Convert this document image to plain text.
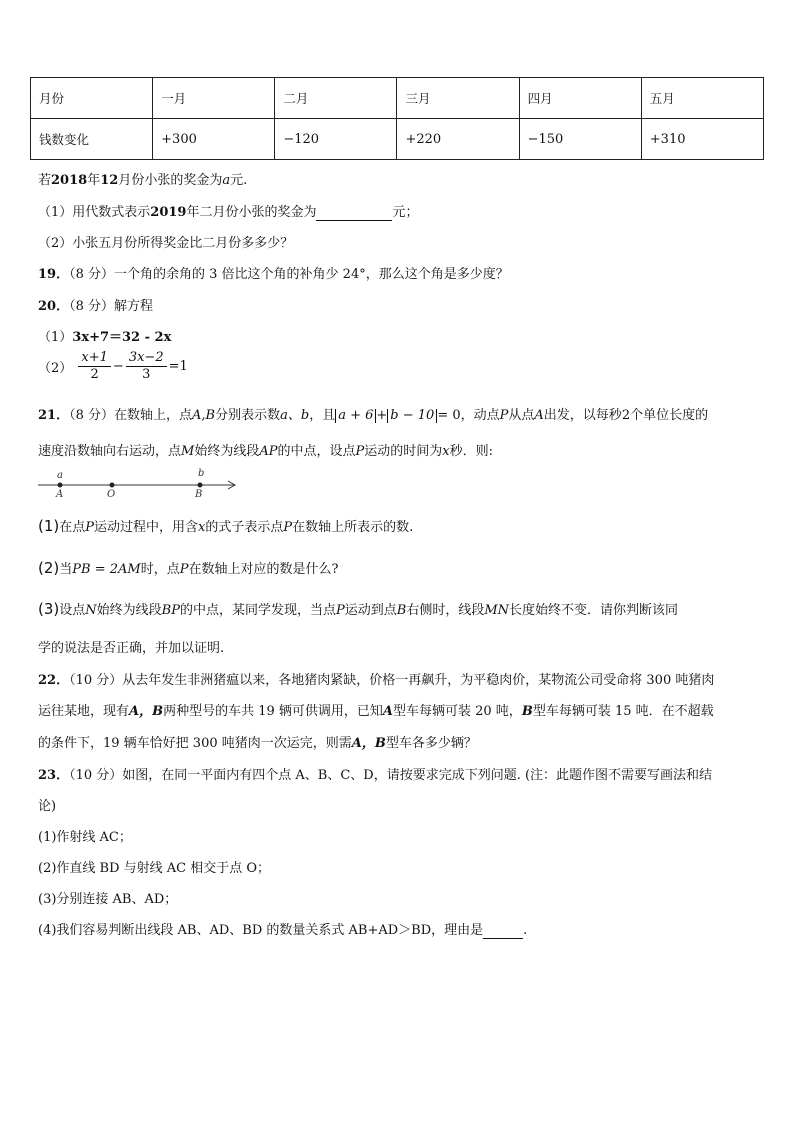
月份	一月	二月	三月	四月	五月
钱数变化	+300	−120	+220	−150	+310
若2018年12月份小张的奖金为a元.
（1）用代数式表示2019年二月份小张的奖金为	元；
（2）小张五月份所得奖金比二月份多多少？
19．（8 分）一个角的余角的 3 倍比这个角的补角少 24°，那么这个角是多少度？
20．（8 分）解方程
（1）3x+7＝32 - 2x
$(2) \frac{x+1}{2} - \frac{3x-2}{3} =1$
21．（8 分）在数轴上，点A,B分别表示数a、b，且 a + 6 + b − 10 = 0，动点P从点A出发，以每秒2个单位长度的
速度沿数轴向右运动，点M始终为线段AP的中点，设点P运动的时间为x秒．则:
a	b
A	O	B
(1)在点P运动过程中，用含x的式子表示点P在数轴上所表示的数.
(2)当PB = 2AM时，点P在数轴上对应的数是什么?
(3)设点N始终为线段BP的中点，某同学发现，当点P运动到点B右侧时，线段MN长度始终不变．请你判断该同
学的说法是否正确，并加以证明.
22．（10 分）从去年发生非洲猪瘟以来，各地猪肉紧缺，价格一再飙升，为平稳肉价，某物流公司受命将 300 吨猪肉
运往某地，现有A，B两种型号的车共 19 辆可供调用，已知A型车每辆可装 20 吨，B型车每辆可装 15 吨．在不超载
的条件下，19 辆车恰好把 300 吨猪肉一次运完，则需A，B型车各多少辆？
23．（10 分）如图，在同一平面内有四个点 A、B、C、D，请按要求完成下列问题. (注：此题作图不需要写画法和结
论)
(1)作射线 AC；
(2)作直线 BD 与射线 AC 相交于点 O；
(3)分别连接 AB、AD；
(4)我们容易判断出线段 AB、AD、BD 的数量关系式 AB+AD＞BD，理由是	.
